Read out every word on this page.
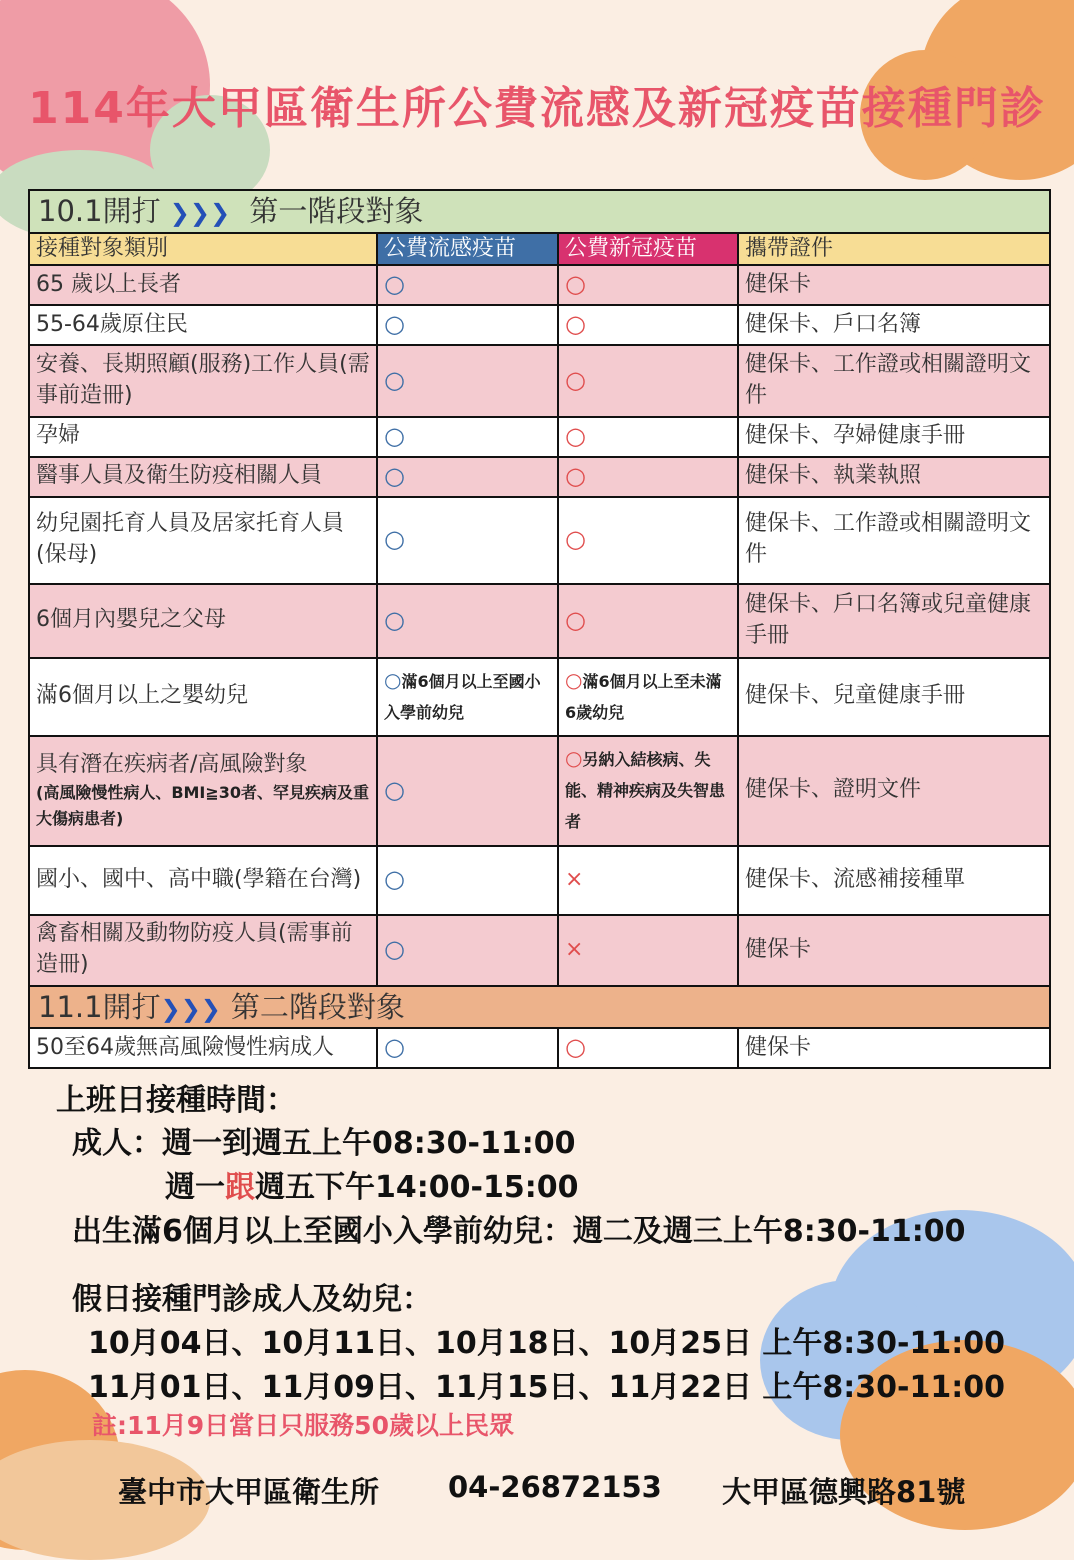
114年大甲區衛生所公費流感及新冠疫苗接種門診
10.1開打 ❯❯❯ 第一階段對象			
接種對象類別	公費流感疫苗	公費新冠疫苗	攜帶證件

65 歲以上長者	○	○	健保卡

55-64歲原住民	○	○	健保卡、戶口名簿

安養、長期照顧(服務)工作人員(需事前造冊)	○	○	健保卡、工作證或相關證明文件

孕婦	○	○	健保卡、孕婦健康手冊

醫事人員及衛生防疫相關人員	○	○	健保卡、執業執照

幼兒園托育人員及居家托育人員(保母)	○	○	健保卡、工作證或相關證明文件

6個月內嬰兒之父母	○	○	健保卡、戶口名簿或兒童健康手冊

滿6個月以上之嬰幼兒	○滿6個月以上至國小入學前幼兒	○滿6個月以上至未滿6歲幼兒	健保卡、兒童健康手冊

具有潛在疾病者/高風險對象
(高風險慢性病人、BMI≧30者、罕見疾病及重大傷病患者)	○	○另納入結核病、失能、精神疾病及失智患者	健保卡、證明文件

國小、國中、高中職(學籍在台灣)	○	×	健保卡、流感補接種單

禽畜相關及動物防疫人員(需事前造冊)	○	×	健保卡
11.1開打❯❯❯ 第二階段對象			

50至64歲無高風險慢性病成人	○	○	健保卡
上班日接種時間：
成人：週一到週五上午08:30-11:00
週一跟週五下午14:00-15:00
出生滿6個月以上至國小入學前幼兒：週二及週三上午8:30-11:00
假日接種門診成人及幼兒：
10月04日、10月11日、10月18日、10月25日 上午8:30-11:00
11月01日、11月09日、11月15日、11月22日 上午8:30-11:00
註:11月9日當日只服務50歲以上民眾
臺中市大甲區衛生所 04-26872153 大甲區德興路81號
